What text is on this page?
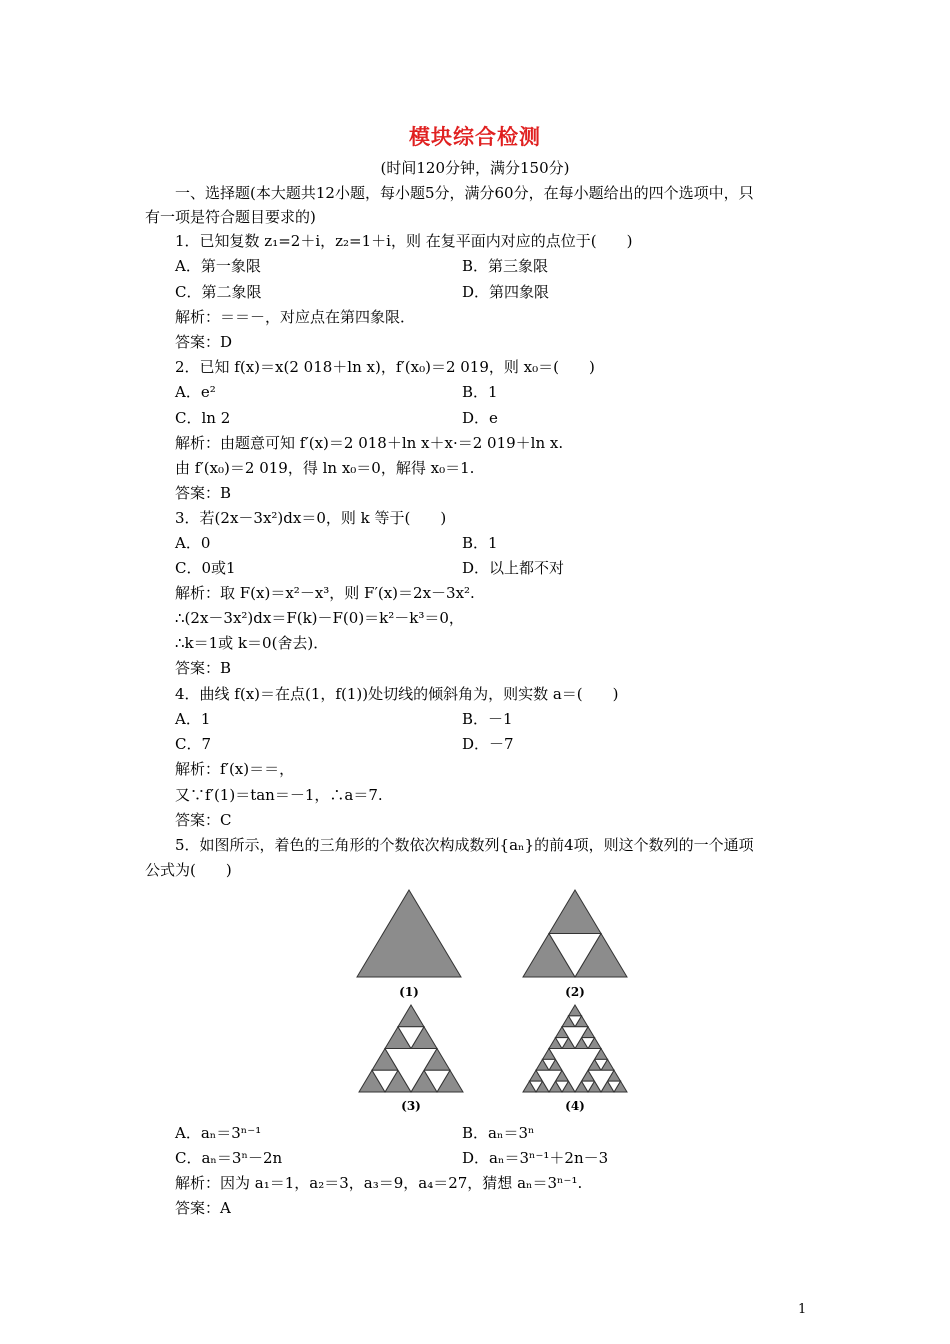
模块综合检测
(时间120分钟，满分150分)
一、选择题(本大题共12小题，每小题5分，满分60分，在每小题给出的四个选项中，只
有一项是符合题目要求的)
1．已知复数 z₁=2＋i，z₂=1＋i，则 在复平面内对应的点位于(　　)
A．第一象限	B．第三象限
C．第二象限	D．第四象限
解析：＝＝－，对应点在第四象限．
答案：D
2．已知 f(x)＝x(2 018＋ln x)，f′(x₀)＝2 019，则 x₀＝(　　)
A．e²	B．1
C．ln 2	D．e
解析：由题意可知 f′(x)＝2 018＋ln x＋x·＝2 019＋ln x.
由 f′(x₀)＝2 019，得 ln x₀＝0，解得 x₀＝1.
答案：B
3．若(2x－3x²)dx＝0，则 k 等于(　　)
A．0	B．1
C．0或1	D．以上都不对
解析：取 F(x)＝x²－x³，则 F′(x)＝2x－3x².
∴(2x－3x²)dx＝F(k)－F(0)＝k²－k³＝0，
∴k＝1或 k＝0(舍去)．
答案：B
4．曲线 f(x)＝在点(1，f(1))处切线的倾斜角为，则实数 a＝(　　)
A．1	B．－1
C．7	D．－7
解析：f′(x)＝＝，
又∵f′(1)＝tan＝－1，∴a＝7.
答案：C
5．如图所示，着色的三角形的个数依次构成数列{aₙ}的前4项，则这个数列的一个通项
公式为(　　)
(1)	(2)
(3)	(4)
A．aₙ＝3ⁿ⁻¹	B．aₙ＝3ⁿ
C．aₙ＝3ⁿ－2n	D．aₙ＝3ⁿ⁻¹＋2n－3
解析：因为 a₁＝1，a₂＝3，a₃＝9，a₄＝27，猜想 aₙ＝3ⁿ⁻¹.
答案：A
1
